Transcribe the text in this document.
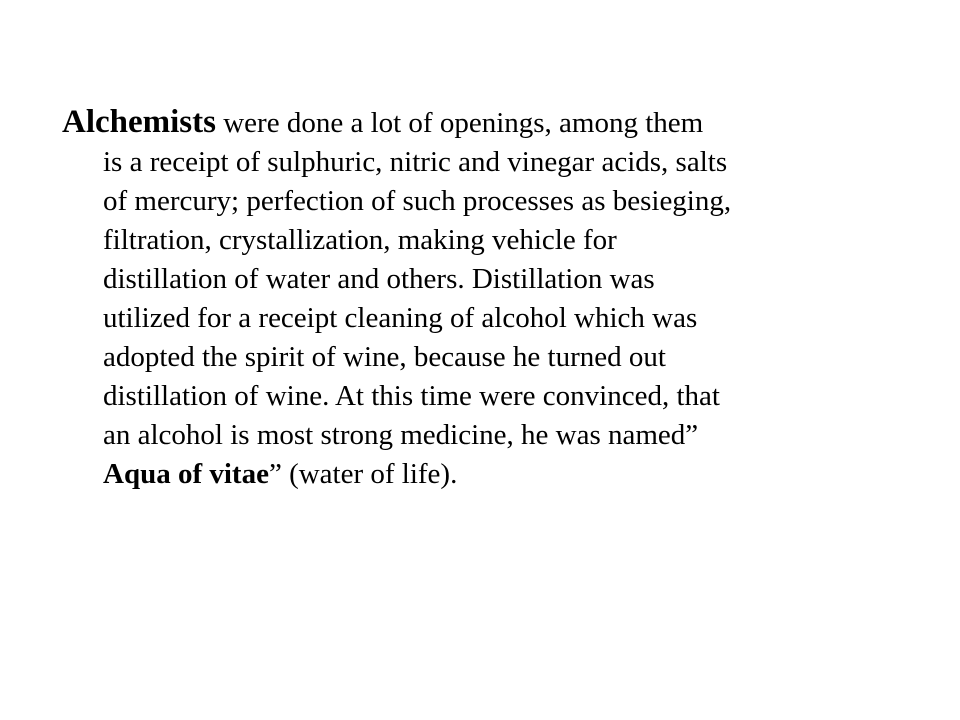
Alchemists were done a lot of openings, among them
is a receipt of sulphuric, nitric and vinegar acids, salts
of mercury; perfection of such processes as besieging,
filtration, crystallization, making vehicle for
distillation of water and others. Distillation was
utilized for a receipt cleaning of alcohol which was
adopted the spirit of wine, because he turned out
distillation of wine. At this time were convinced, that
an alcohol is most strong medicine, he was named”
Aqua of vitae” (water of life).
